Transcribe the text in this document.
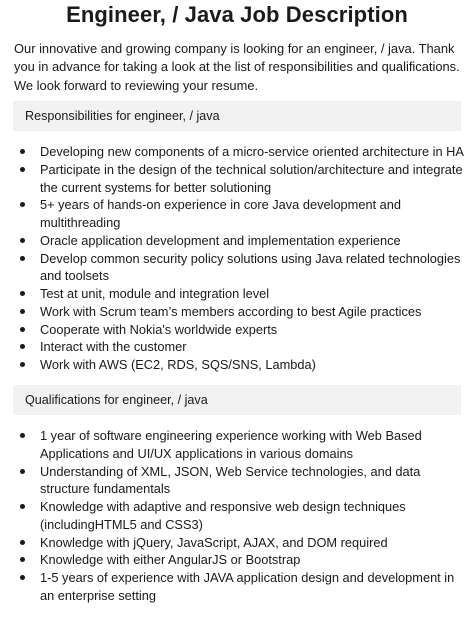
Engineer, / Java Job Description

Our innovative and growing company is looking for an engineer, / java. Thank you in advance for taking a look at the list of responsibilities and qualifications. We look forward to reviewing your resume.

Responsibilities for engineer, / java
Developing new components of a micro-service oriented architecture in HA
Participate in the design of the technical solution/architecture and integrate the current systems for better solutioning
5+ years of hands-on experience in core Java development and multithreading
Oracle application development and implementation experience
Develop common security policy solutions using Java related technologies and toolsets
Test at unit, module and integration level
Work with Scrum team’s members according to best Agile practices
Cooperate with Nokia's worldwide experts
Interact with the customer
Work with AWS (EC2, RDS, SQS/SNS, Lambda)
Qualifications for engineer, / java
1 year of software engineering experience working with Web Based Applications and UI/UX applications in various domains
Understanding of XML, JSON, Web Service technologies, and data structure fundamentals
Knowledge with adaptive and responsive web design techniques (includingHTML5 and CSS3)
Knowledge with jQuery, JavaScript, AJAX, and DOM required
Knowledge with either AngularJS or Bootstrap
1-5 years of experience with JAVA application design and development in an enterprise setting
